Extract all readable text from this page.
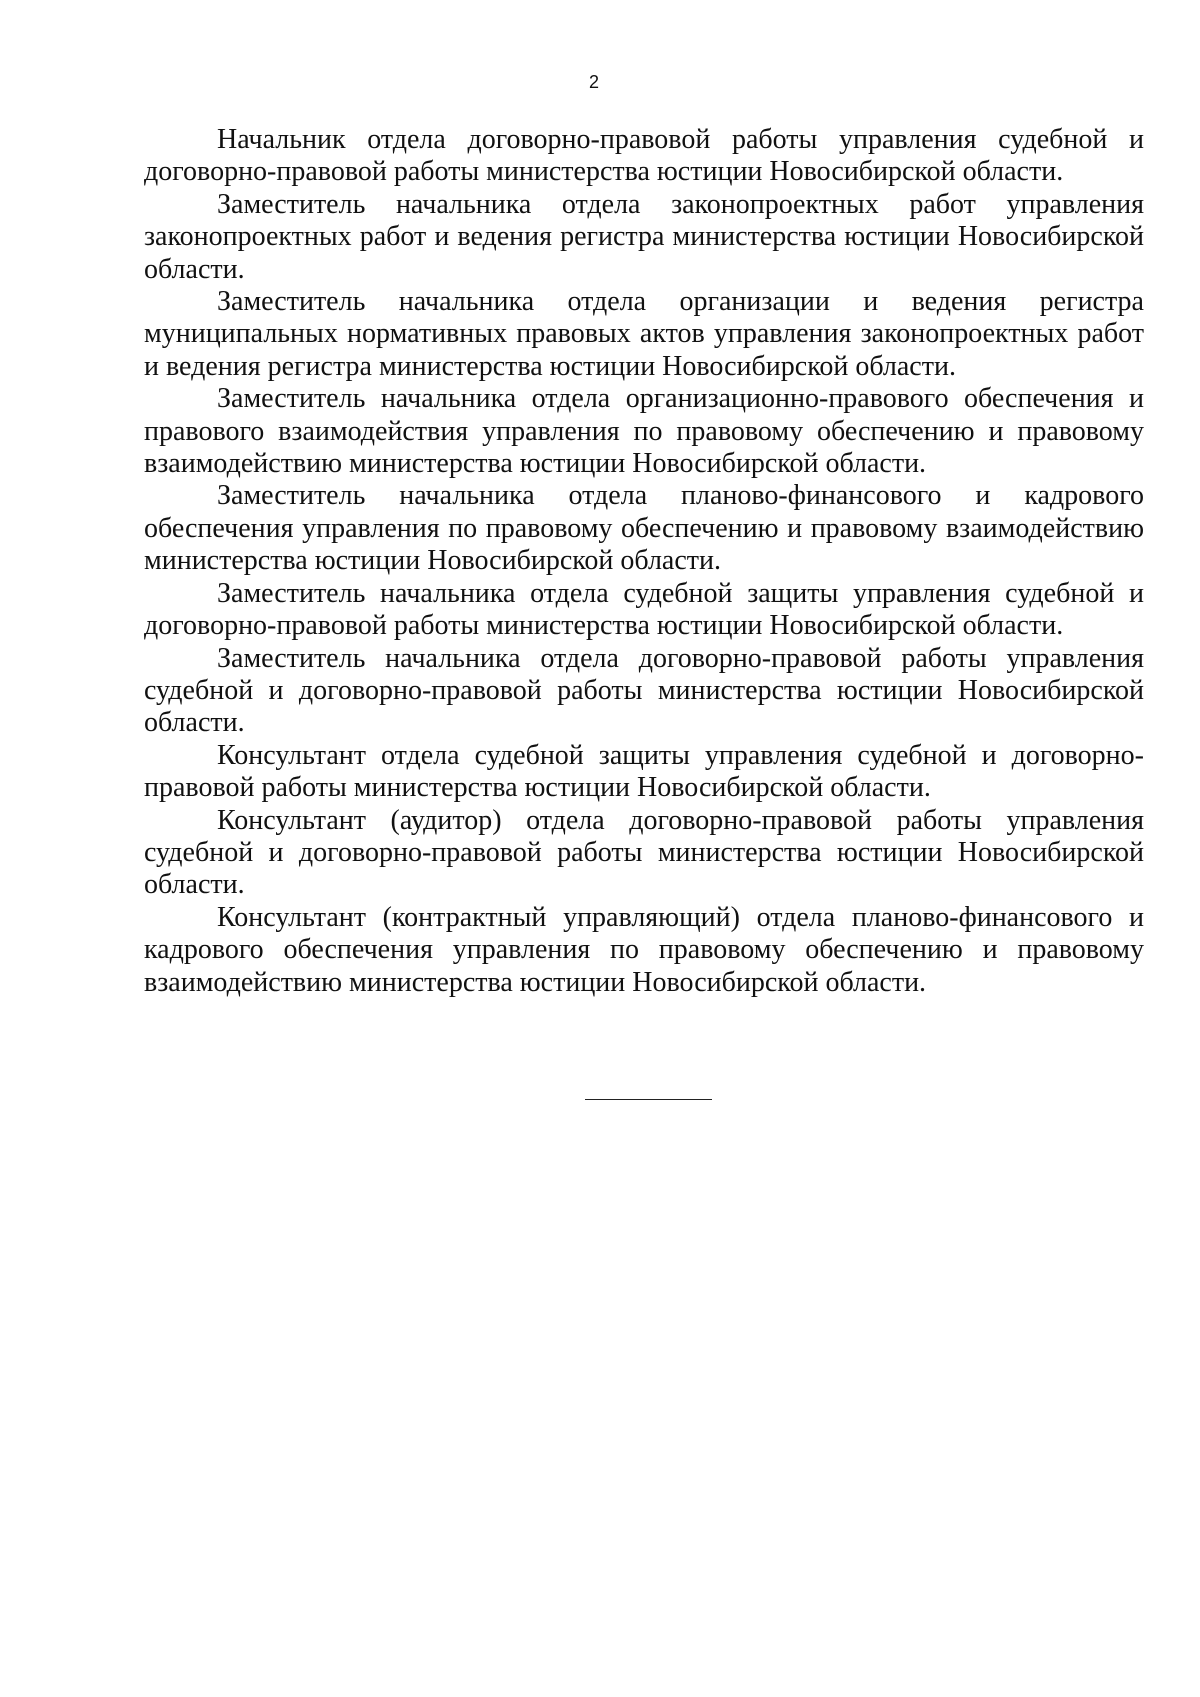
2

Начальник отдела договорно-правовой работы управления судебной и договорно-правовой работы министерства юстиции Новосибирской области.

Заместитель начальника отдела законопроектных работ управления законопроектных работ и ведения регистра министерства юстиции Новосибирской области.

Заместитель начальника отдела организации и ведения регистра муниципальных нормативных правовых актов управления законопроектных работ и ведения регистра министерства юстиции Новосибирской области.

Заместитель начальника отдела организационно-правового обеспечения и правового взаимодействия управления по правовому обеспечению и правовому взаимодействию министерства юстиции Новосибирской области.

Заместитель начальника отдела планово-финансового и кадрового обеспечения управления по правовому обеспечению и правовому взаимодействию министерства юстиции Новосибирской области.

Заместитель начальника отдела судебной защиты управления судебной и договорно-правовой работы министерства юстиции Новосибирской области.

Заместитель начальника отдела договорно-правовой работы управления судебной и договорно-правовой работы министерства юстиции Новосибирской области.

Консультант отдела судебной защиты управления судебной и договорно-правовой работы министерства юстиции Новосибирской области.

Консультант (аудитор) отдела договорно-правовой работы управления судебной и договорно-правовой работы министерства юстиции Новосибирской области.

Консультант (контрактный управляющий) отдела планово-финансового и кадрового обеспечения управления по правовому обеспечению и правовому взаимодействию министерства юстиции Новосибирской области.
